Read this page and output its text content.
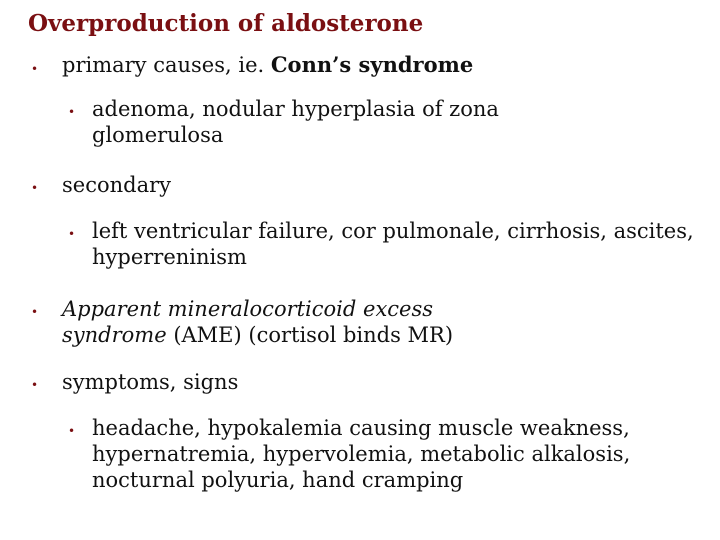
Overproduction of aldosterone
• primary causes, ie. Conn’s syndrome

• adenoma, nodular hyperplasia of zona glomerulosa

• secondary

• left ventricular failure, cor pulmonale, cirrhosis, ascites, hyperreninism

• Apparent mineralocorticoid excess syndrome (AME) (cortisol binds MR)

• symptoms, signs

• headache, hypokalemia causing muscle weakness, hypernatremia, hypervolemia, metabolic alkalosis, nocturnal polyuria, hand cramping
